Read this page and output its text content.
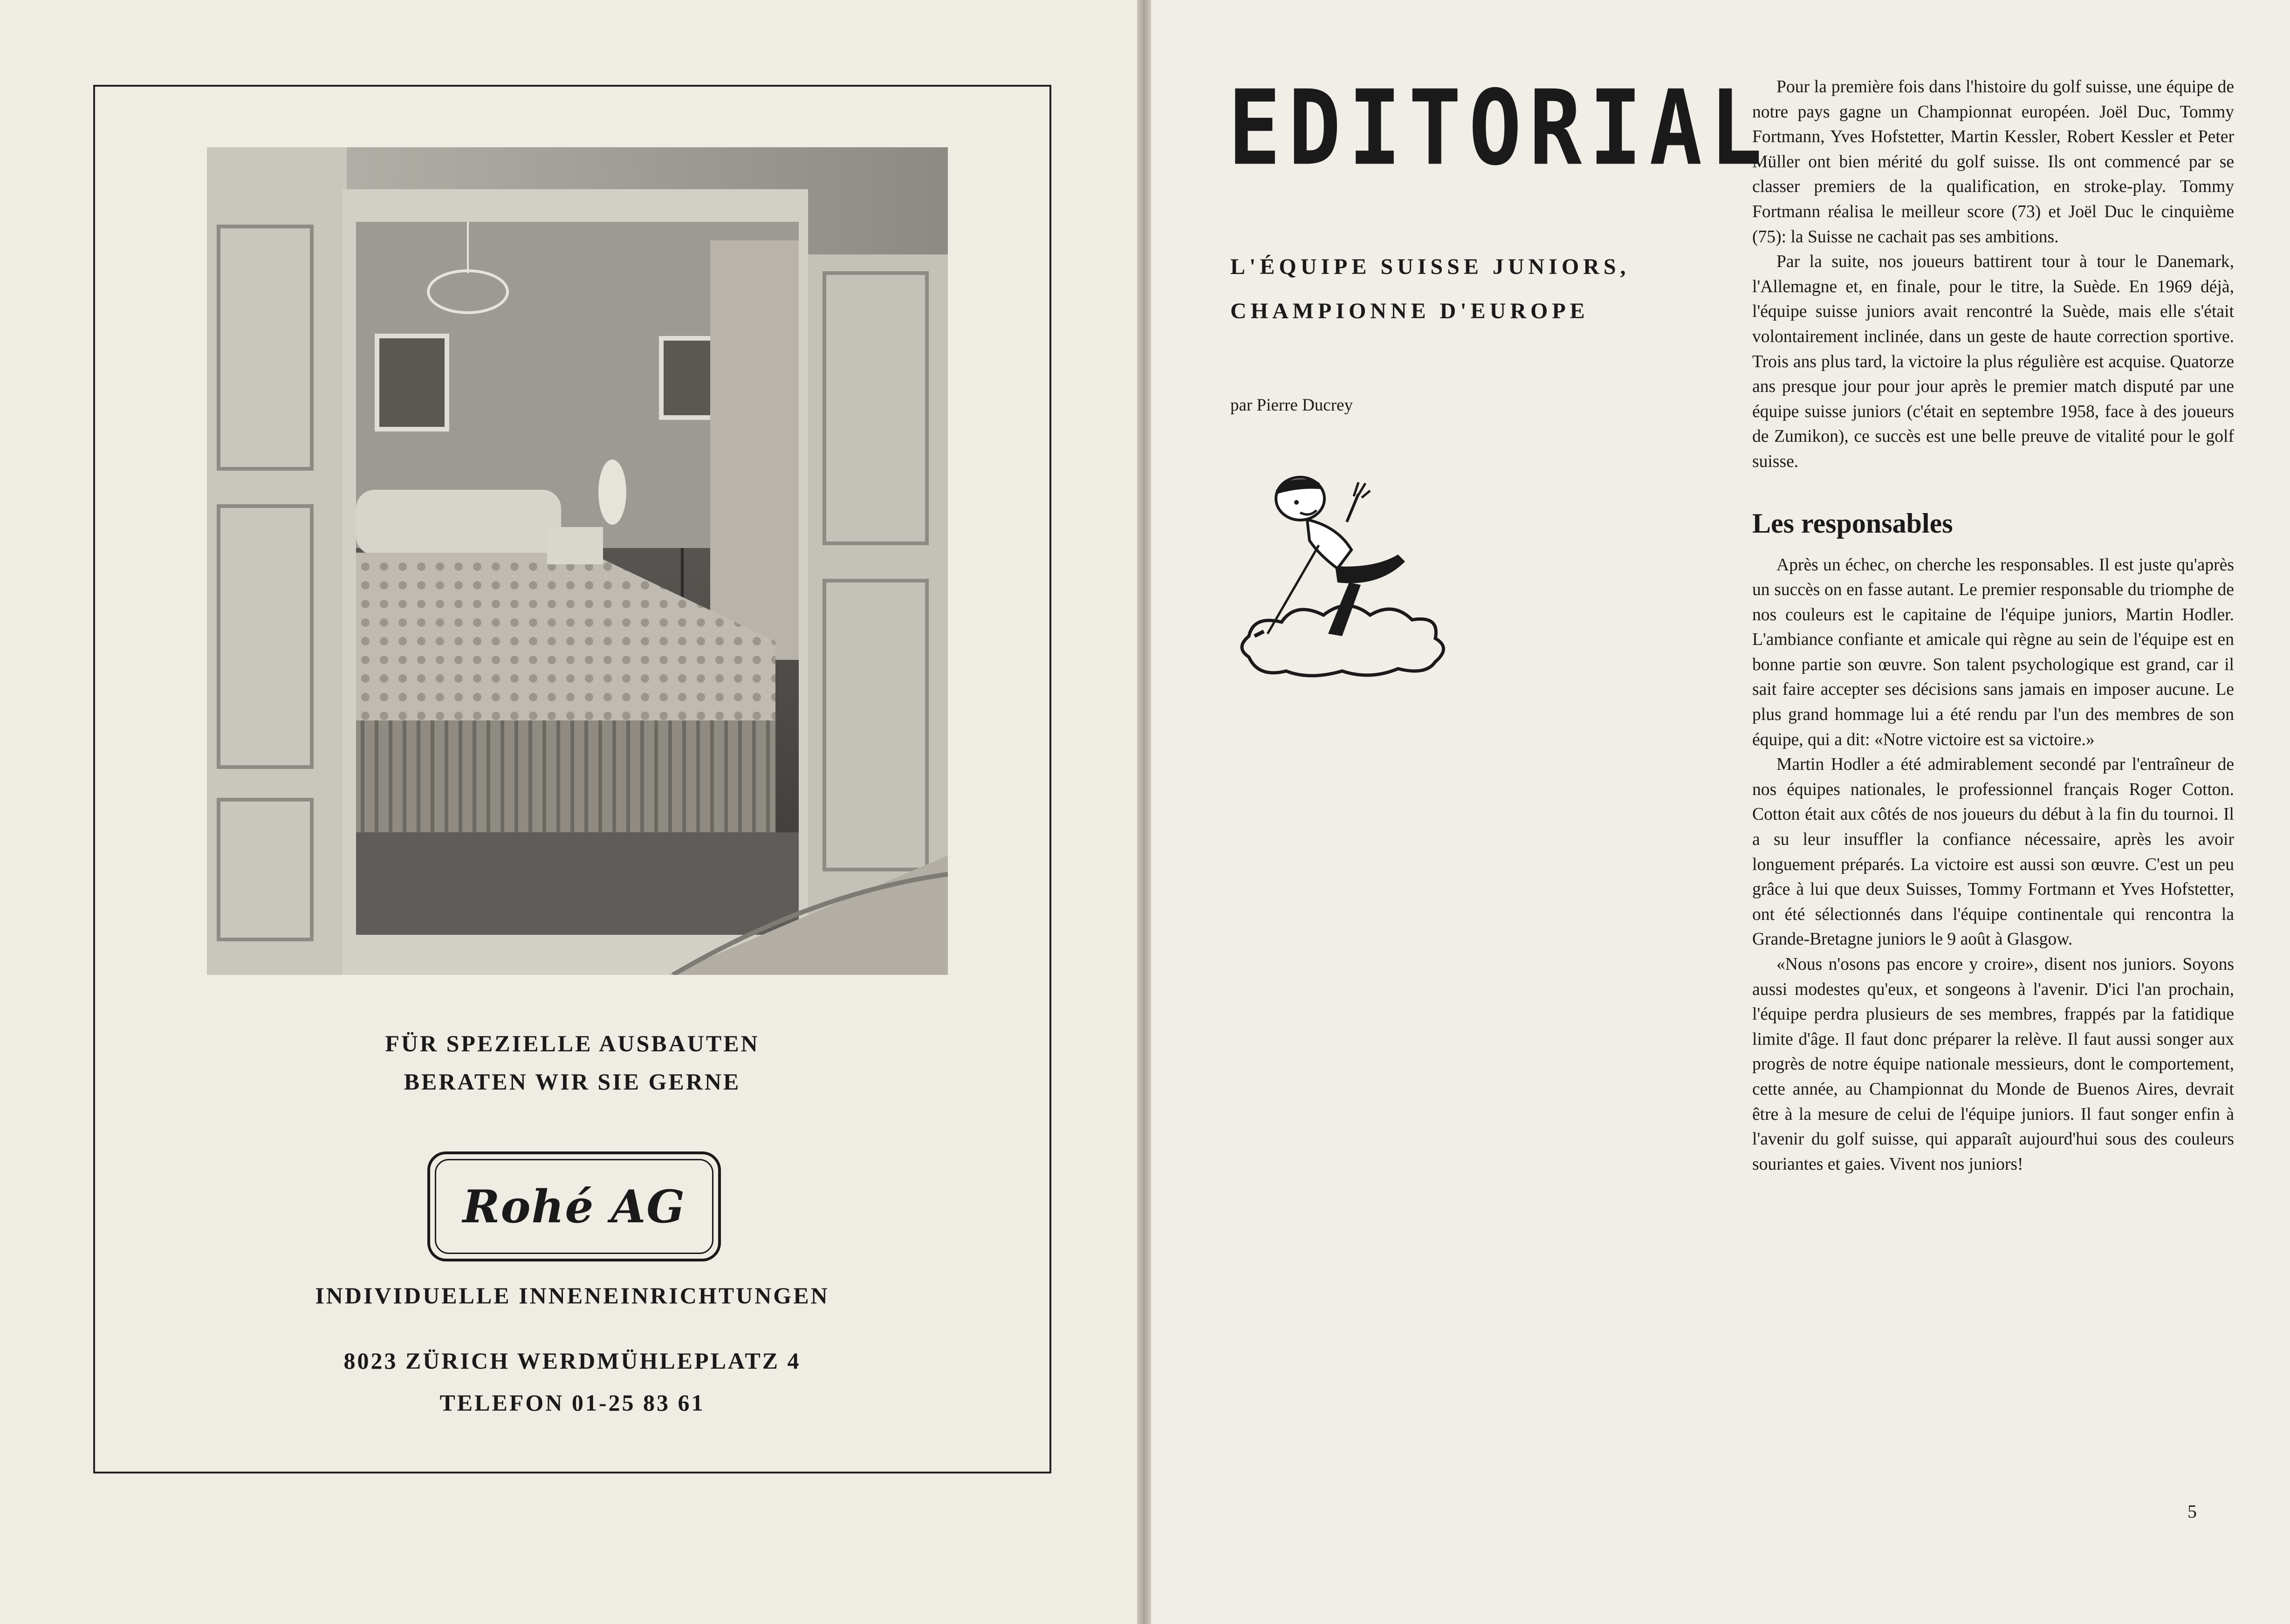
FÜR SPEZIELLE AUSBAUTEN
BERATEN WIR SIE GERNE
Rohé AG
INDIVIDUELLE INNENEINRICHTUNGEN
8023 ZÜRICH WERDMÜHLEPLATZ 4
TELEFON 01-25 83 61
EDITORIAL
L'ÉQUIPE SUISSE JUNIORS,
CHAMPIONNE D'EUROPE
par Pierre Ducrey

Pour la première fois dans l'histoire du golf suisse, une équipe de notre pays gagne un Championnat européen. Joël Duc, Tommy Fortmann, Yves Hofstetter, Martin Kessler, Robert Kessler et Peter Müller ont bien mérité du golf suisse. Ils ont commencé par se classer premiers de la qualification, en stroke-play. Tommy Fortmann réalisa le meilleur score (73) et Joël Duc le cinquième (75): la Suisse ne cachait pas ses ambitions.

Par la suite, nos joueurs battirent tour à tour le Danemark, l'Allemagne et, en finale, pour le titre, la Suède. En 1969 déjà, l'équipe suisse juniors avait rencontré la Suède, mais elle s'était volontairement inclinée, dans un geste de haute correction sportive. Trois ans plus tard, la victoire la plus régulière est acquise. Quatorze ans presque jour pour jour après le premier match disputé par une équipe suisse juniors (c'était en septembre 1958, face à des joueurs de Zumikon), ce succès est une belle preuve de vitalité pour le golf suisse.

Les responsables

Après un échec, on cherche les responsables. Il est juste qu'après un succès on en fasse autant. Le premier responsable du triomphe de nos couleurs est le capitaine de l'équipe juniors, Martin Hodler. L'ambiance confiante et amicale qui règne au sein de l'équipe est en bonne partie son œuvre. Son talent psychologique est grand, car il sait faire accepter ses décisions sans jamais en imposer aucune. Le plus grand hommage lui a été rendu par l'un des membres de son équipe, qui a dit: «Notre victoire est sa victoire.»

Martin Hodler a été admirablement secondé par l'entraîneur de nos équipes nationales, le professionnel français Roger Cotton. Cotton était aux côtés de nos joueurs du début à la fin du tournoi. Il a su leur insuffler la confiance nécessaire, après les avoir longuement préparés. La victoire est aussi son œuvre. C'est un peu grâce à lui que deux Suisses, Tommy Fortmann et Yves Hofstetter, ont été sélectionnés dans l'équipe continentale qui rencontra la Grande-Bretagne juniors le 9 août à Glasgow.

«Nous n'osons pas encore y croire», disent nos juniors. Soyons aussi modestes qu'eux, et songeons à l'avenir. D'ici l'an prochain, l'équipe perdra plusieurs de ses membres, frappés par la fatidique limite d'âge. Il faut donc préparer la relève. Il faut aussi songer aux progrès de notre équipe nationale messieurs, dont le comportement, cette année, au Championnat du Monde de Buenos Aires, devrait être à la mesure de celui de l'équipe juniors. Il faut songer enfin à l'avenir du golf suisse, qui apparaît aujourd'hui sous des couleurs souriantes et gaies. Vivent nos juniors!

5
